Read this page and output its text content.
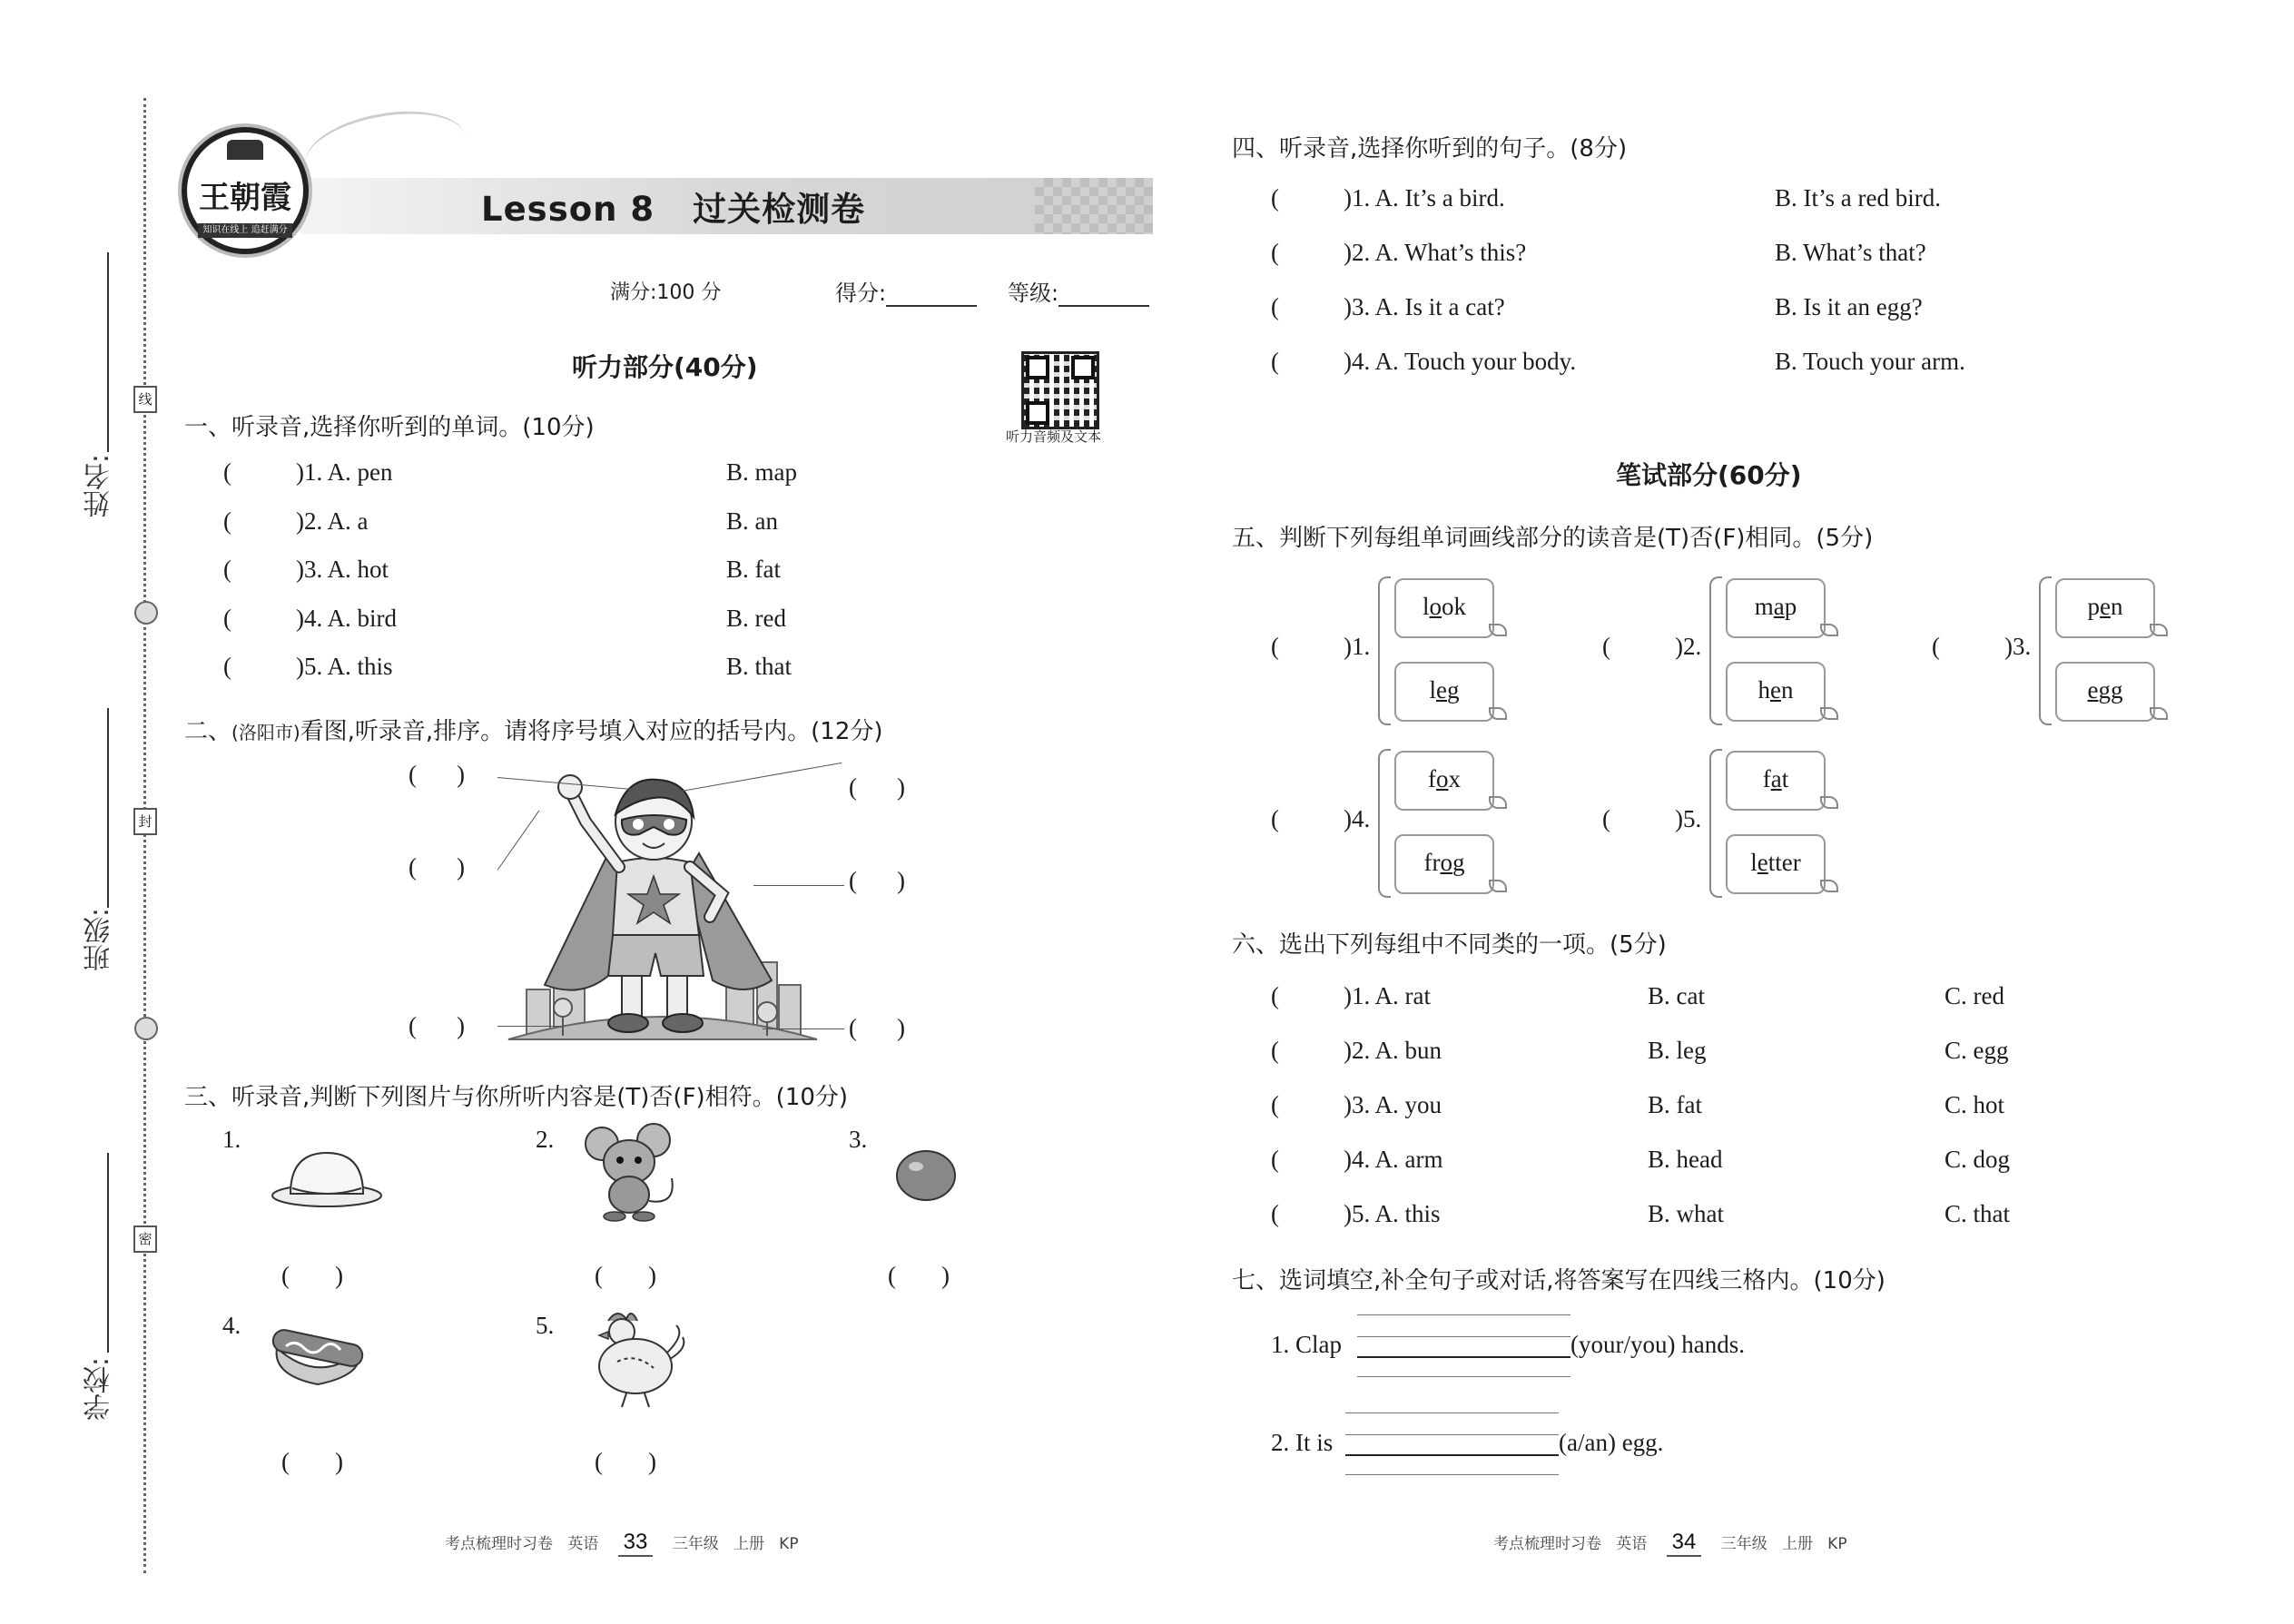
姓名:
班级:
学校:
线
封
密
王朝霞
知识在线上 追赶满分
Lesson 8 过关检测卷
满分:100 分	得分:	等级:
听力部分(40分)
听力音频及文本
一、听录音,选择你听到的单词。(10分)
(	)1. A. pen	B. map
(	)2. A. a	B. an
(	)3. A. hot	B. fat
(	)4. A. bird	B. red
(	)5. A. this	B. that
二、(洛阳市)看图,听录音,排序。请将序号填入对应的括号内。(12分)
( )	( )
( )	( )
( )	( )
三、听录音,判断下列图片与你所听内容是(T)否(F)相符。(10分)
1.
( )
2.
( )
3.
( )
4.
( )
5.
( )
四、听录音,选择你听到的句子。(8分)
(	)1. A. It’s a bird.	B. It’s a red bird.
(	)2. A. What’s this?	B. What’s that?
(	)3. A. Is it a cat?	B. Is it an egg?
(	)4. A. Touch your body.	B. Touch your arm.
笔试部分(60分)
五、判断下列每组单词画线部分的读音是(T)否(F)相同。(5分)
(	)1.
look
leg
(	)2.
map
hen
(	)3.
pen
egg
(	)4.
fox
frog
(	)5.
fat
letter
六、选出下列每组中不同类的一项。(5分)
(	)1. A. rat	B. cat	C. red
(	)2. A. bun	B. leg	C. egg
(	)3. A. you	B. fat	C. hot
(	)4. A. arm	B. head	C. dog
(	)5. A. this	B. what	C. that
七、选词填空,补全句子或对话,将答案写在四线三格内。(10分)
1. Clap	(your/you) hands.
2. It is	(a/an) egg.
考点梳理时习卷 英语 33 三年级 上册 KP	考点梳理时习卷 英语 34 三年级 上册 KP
